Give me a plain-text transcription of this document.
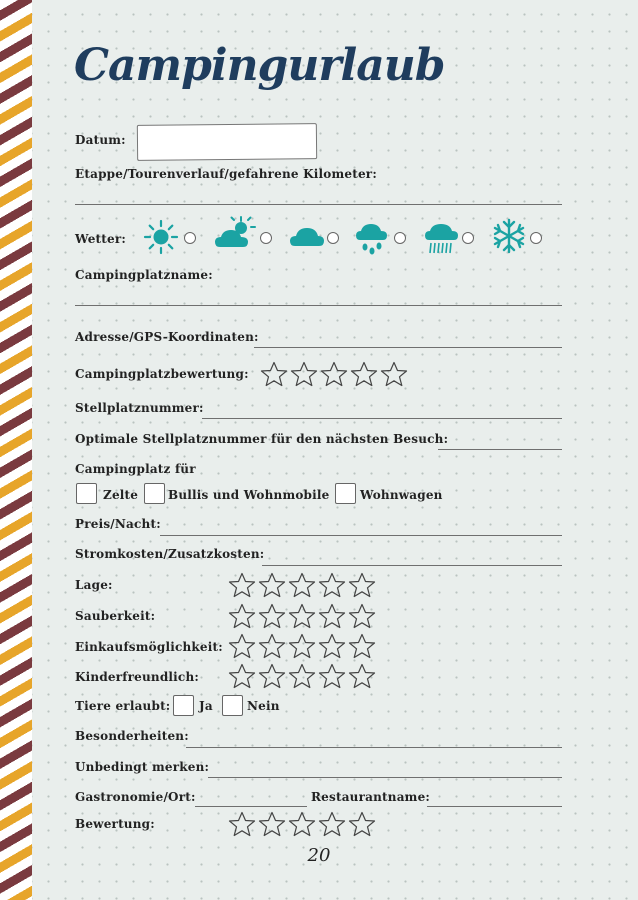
Campingurlaub
Datum:
Etappe/Tourenverlauf/gefahrene Kilometer:
Wetter:
Campingplatzname:
Adresse/GPS-Koordinaten:
Campingplatzbewertung:
Stellplatznummer:
Optimale Stellplatznummer für den nächsten Besuch:
Campingplatz für
Zelte Bullis und Wohnmobile	Wohnwagen
Preis/Nacht:
Stromkosten/Zusatzkosten:
Lage:
Sauberkeit:
Einkaufsmöglichkeit:
Kinderfreundlich:
Tiere erlaubt: Ja	Nein
Besonderheiten:
Unbedingt merken:
Gastronomie/Ort:	Restaurantname:
Bewertung:
20
